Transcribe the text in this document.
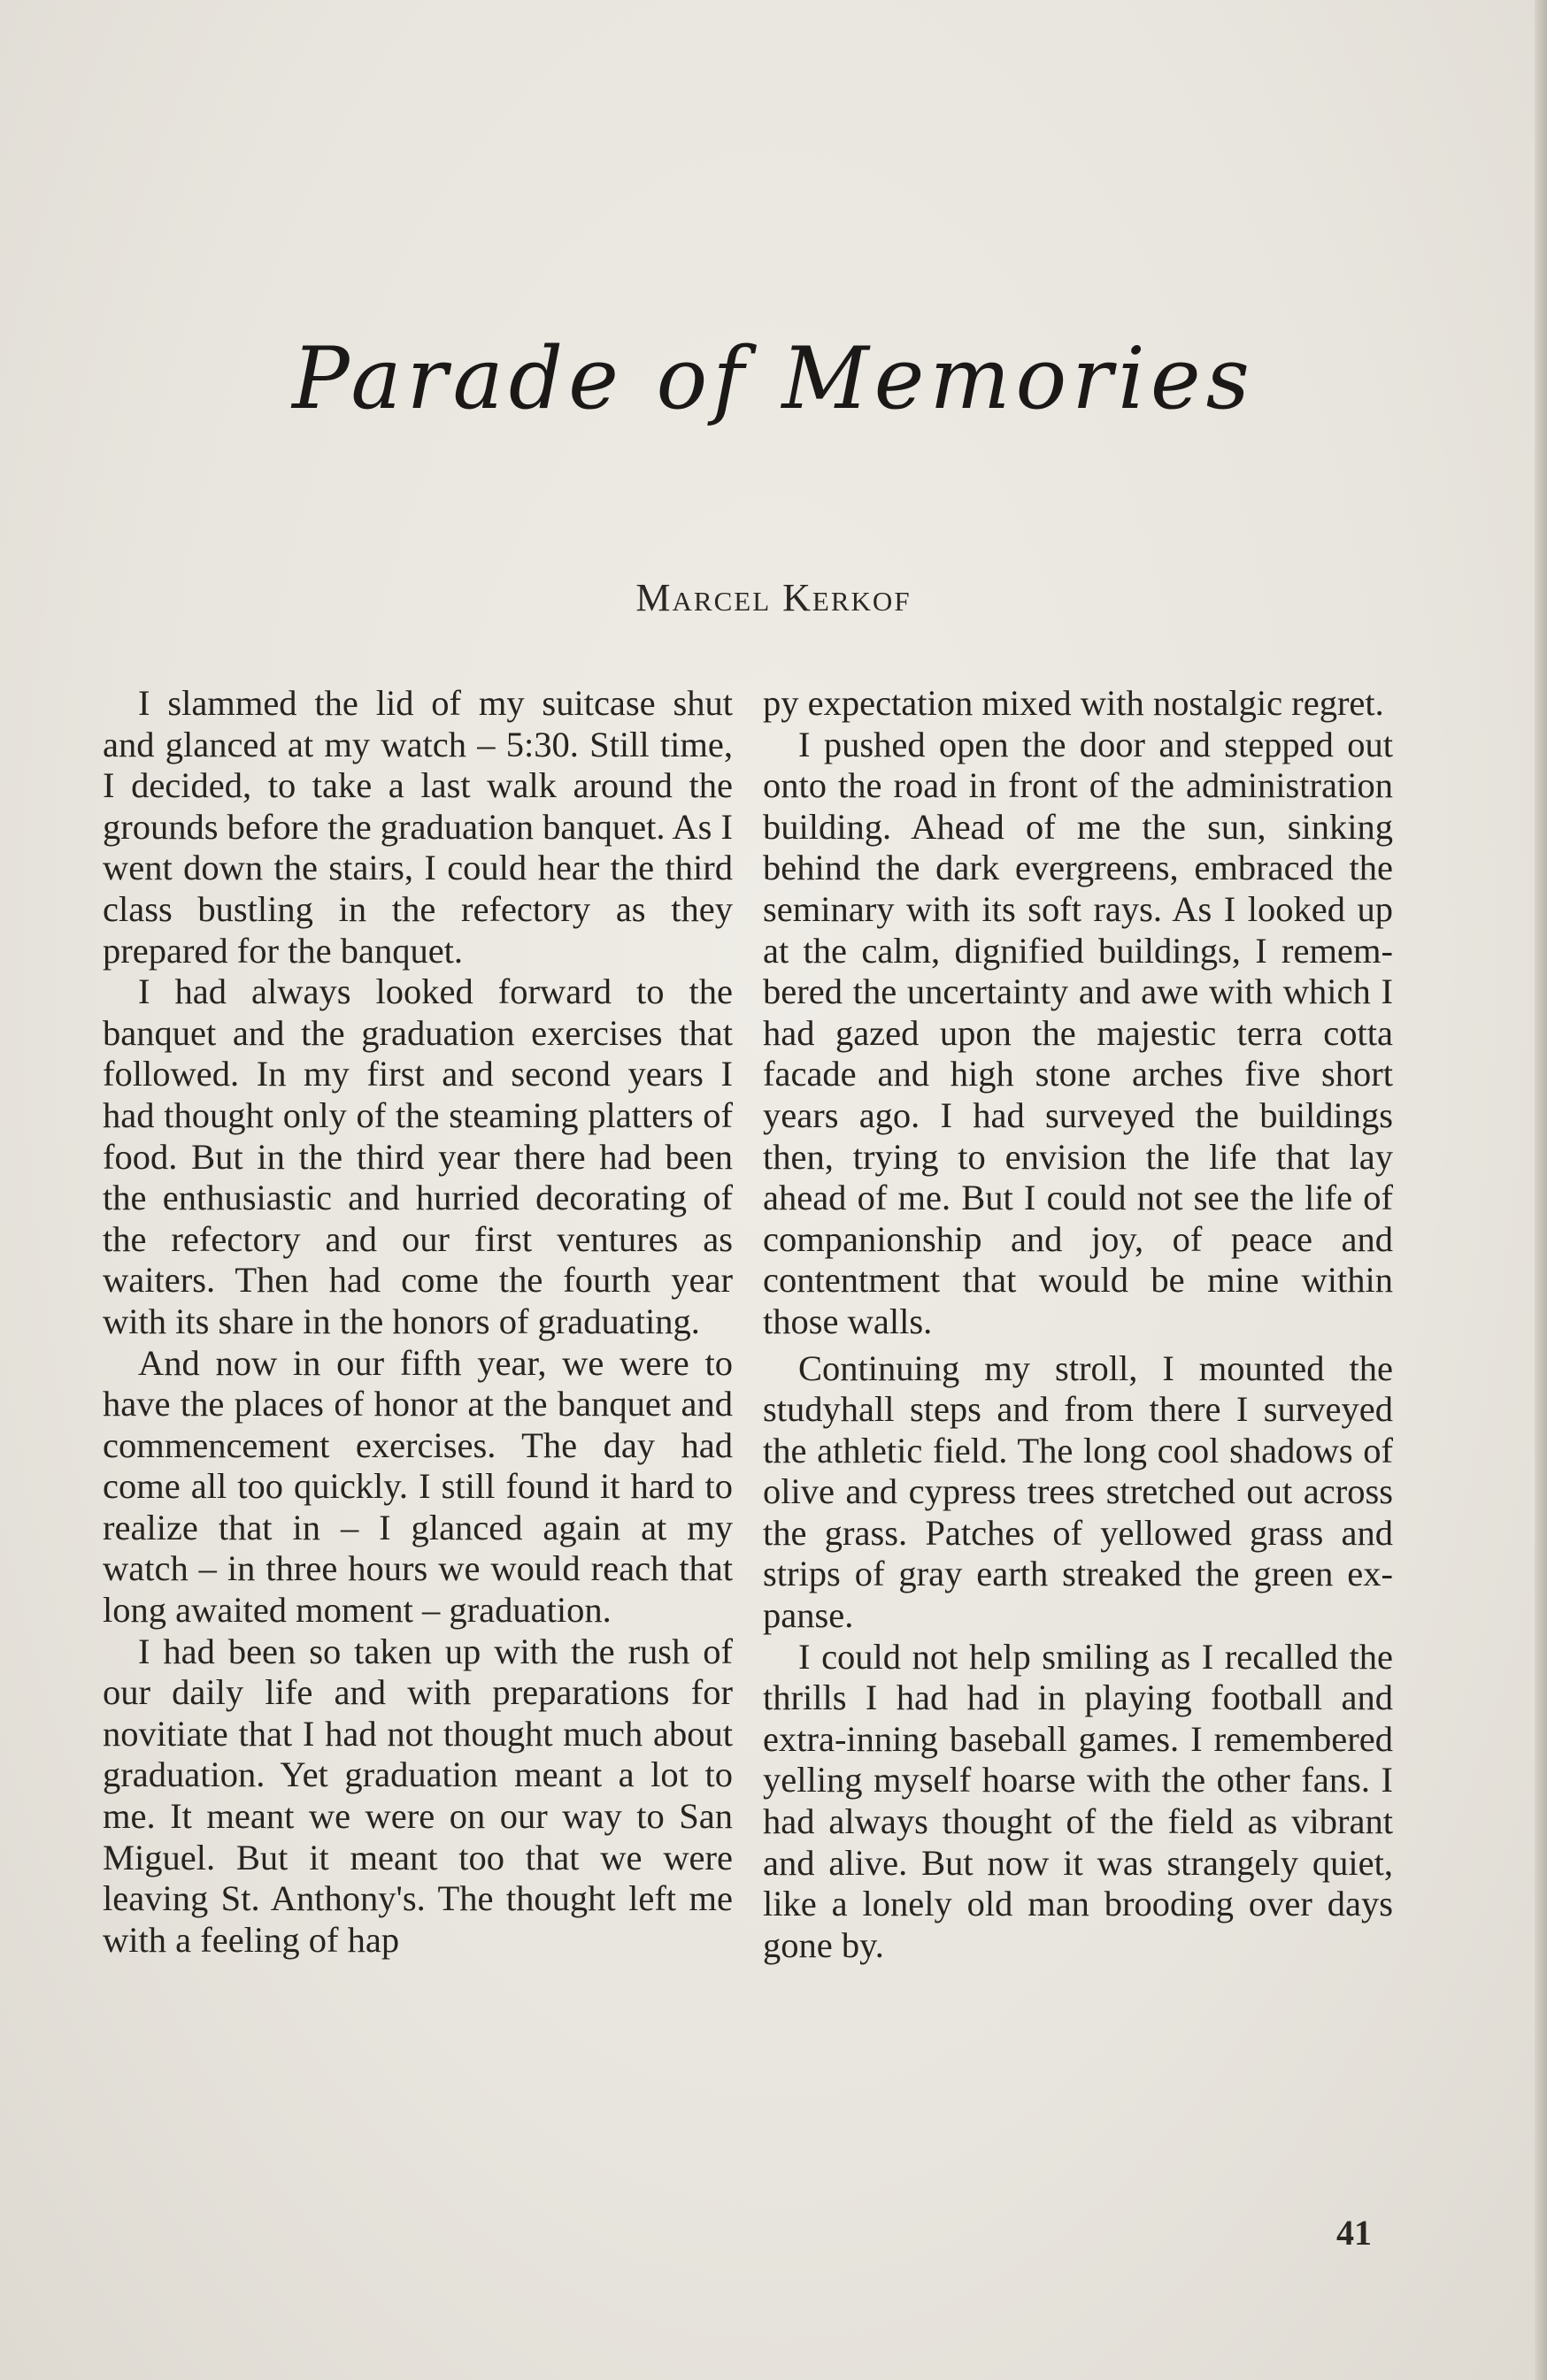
Parade of Memories
Marcel Kerkof

I slammed the lid of my suitcase shut and glanced at my watch – 5:30. Still time, I decided, to take a last walk around the grounds before the graduation banquet. As I went down the stairs, I could hear the third class bustling in the refectory as they prepared for the banquet.

I had always looked forward to the banquet and the graduation exercises that followed. In my first and second years I had thought only of the steaming platters of food. But in the third year there had been the enthusiastic and hurried decorating of the refectory and our first ventures as waiters. Then had come the fourth year with its share in the honors of graduating.

And now in our fifth year, we were to have the places of honor at the banquet and commencement exercises. The day had come all too quickly. I still found it hard to realize that in – I glanced again at my watch – in three hours we would reach that long awaited moment – graduation.

I had been so taken up with the rush of our daily life and with preparations for novitiate that I had not thought much about graduation. Yet graduation meant a lot to me. It meant we were on our way to San Miguel. But it meant too that we were leaving St. Anthony's. The thought left me with a feeling of hap

py expectation mixed with nostalgic regret.

I pushed open the door and stepped out onto the road in front of the administration building. Ahead of me the sun, sinking behind the dark evergreens, embraced the seminary with its soft rays. As I looked up at the calm, dignified buildings, I remembered the uncertainty and awe with which I had gazed upon the majestic terra cotta facade and high stone arches five short years ago. I had surveyed the buildings then, trying to envision the life that lay ahead of me. But I could not see the life of companionship and joy, of peace and contentment that would be mine within those walls.

Continuing my stroll, I mounted the studyhall steps and from there I surveyed the athletic field. The long cool shadows of olive and cypress trees stretched out across the grass. Patches of yellowed grass and strips of gray earth streaked the green expanse.

I could not help smiling as I recalled the thrills I had had in playing football and extra-inning baseball games. I remembered yelling myself hoarse with the other fans. I had always thought of the field as vibrant and alive. But now it was strangely quiet, like a lonely old man brooding over days gone by.

41
